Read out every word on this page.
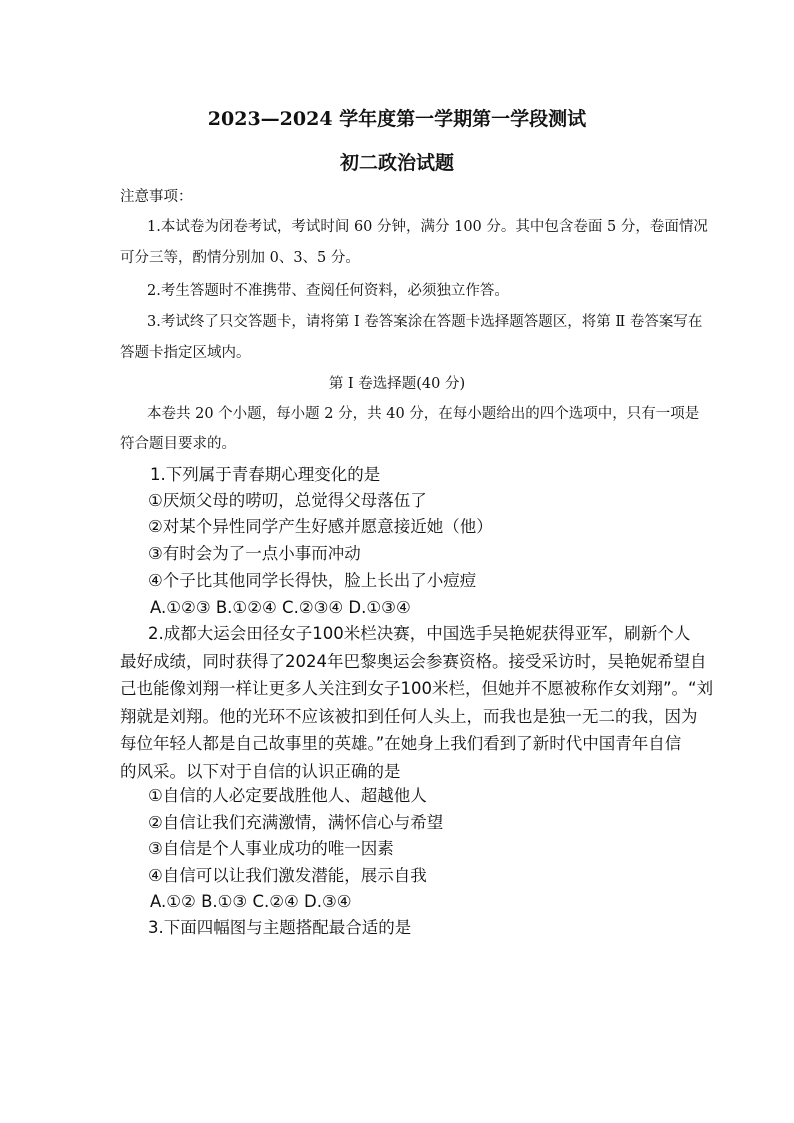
2023—2024 学年度第一学期第一学段测试
初二政治试题
注意事项：
1.本试卷为闭卷考试，考试时间 60 分钟，满分 100 分。其中包含卷面 5 分，卷面情况
可分三等，酌情分别加 0、3、5 分。
2.考生答题时不准携带、查阅任何资料，必须独立作答。
3.考试终了只交答题卡，请将第 I 卷答案涂在答题卡选择题答题区，将第 Ⅱ 卷答案写在
答题卡指定区域内。
第 I 卷选择题(40 分)
本卷共 20 个小题，每小题 2 分，共 40 分，在每小题给出的四个选项中，只有一项是
符合题目要求的。
1.下列属于青春期心理变化的是
①厌烦父母的唠叨，总觉得父母落伍了
②对某个异性同学产生好感并愿意接近她（他）
③有时会为了一点小事而冲动
④个子比其他同学长得快，脸上长出了小痘痘
A.①②③ B.①②④ C.②③④ D.①③④
2.成都大运会田径女子100米栏决赛，中国选手吴艳妮获得亚军，刷新个人
最好成绩，同时获得了2024年巴黎奥运会参赛资格。接受采访时，吴艳妮希望自
己也能像刘翔一样让更多人关注到女子100米栏，但她并不愿被称作女刘翔”。“刘
翔就是刘翔。他的光环不应该被扣到任何人头上，而我也是独一无二的我，因为
每位年轻人都是自己故事里的英雄。”在她身上我们看到了新时代中国青年自信
的风采。以下对于自信的认识正确的是
①自信的人必定要战胜他人、超越他人
②自信让我们充满激情，满怀信心与希望
③自信是个人事业成功的唯一因素
④自信可以让我们激发潜能，展示自我
A.①② B.①③ C.②④ D.③④
3.下面四幅图与主题搭配最合适的是
